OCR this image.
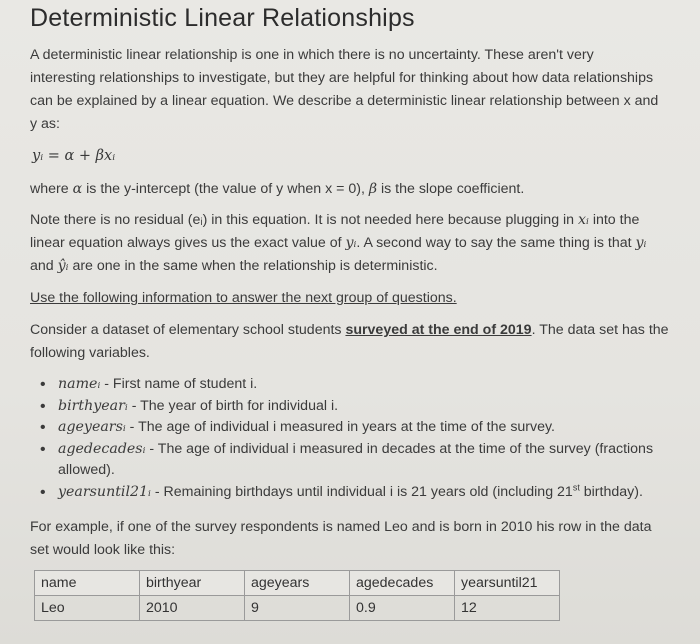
Deterministic Linear Relationships
A deterministic linear relationship is one in which there is no uncertainty. These aren't very
interesting relationships to investigate, but they are helpful for thinking about how data relationships
can be explained by a linear equation. We describe a deterministic linear relationship between x and
y as:
yᵢ = α + βxᵢ
where α is the y-intercept (the value of y when x = 0), β is the slope coefficient.
Note there is no residual (eᵢ) in this equation. It is not needed here because plugging in xᵢ into the
linear equation always gives us the exact value of yᵢ. A second way to say the same thing is that yᵢ
and ŷᵢ are one in the same when the relationship is deterministic.
Use the following information to answer the next group of questions.
Consider a dataset of elementary school students surveyed at the end of 2019. The data set has the
following variables.
• nameᵢ - First name of student i.
• birthyearᵢ - The year of birth for individual i.
• ageyearsᵢ - The age of individual i measured in years at the time of the survey.
• agedecadesᵢ - The age of individual i measured in decades at the time of the survey (fractions
allowed).
• yearsuntil21ᵢ - Remaining birthdays until individual i is 21 years old (including 21st birthday).
For example, if one of the survey respondents is named Leo and is born in 2010 his row in the data
set would look like this:
name	birthyear	ageyears	agedecades	yearsuntil21
Leo	2010	9	0.9	12
